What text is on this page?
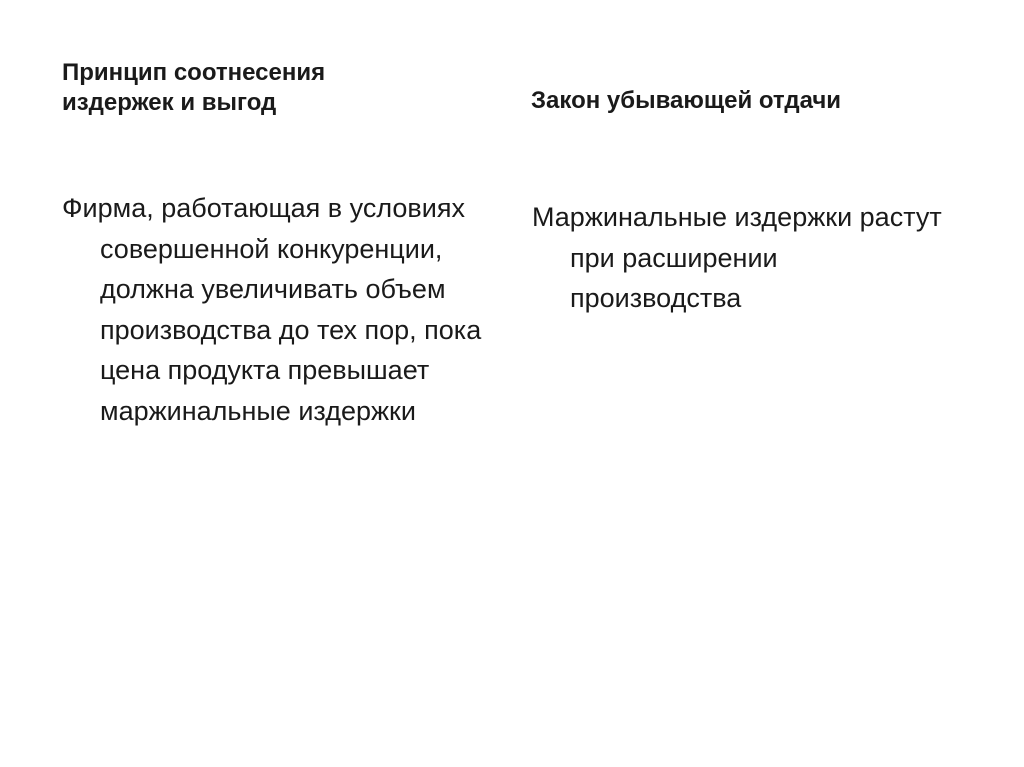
Принцип соотнесения издержек и выгод	Закон убывающей отдачи

Фирма, работающая в условиях совершенной конкуренции, должна увеличивать объем производства до тех пор, пока цена продукта превышает маржинальные издержки

Маржинальные издержки растут при расширении производства
